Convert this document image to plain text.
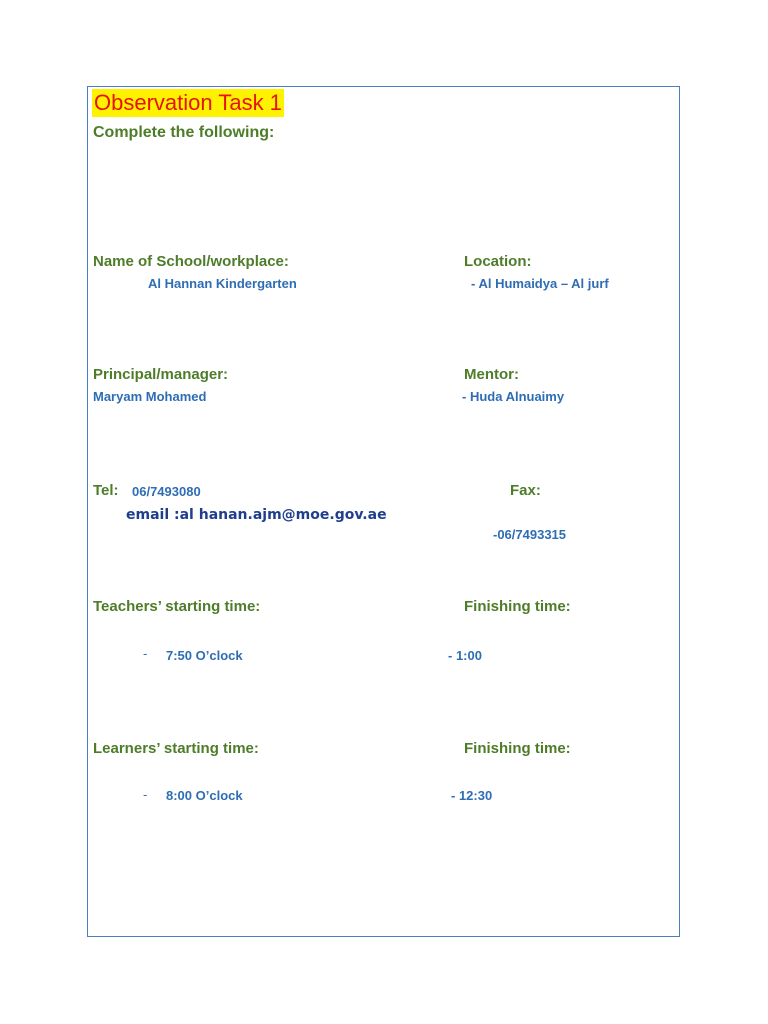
Observation Task 1
Complete the following:
Name of School/workplace:
Al Hannan Kindergarten
Location:
- Al Humaidya – Al jurf
Principal/manager:
Maryam Mohamed
Mentor:
- Huda Alnuaimy
Tel: 06/7493080
email :al hanan.ajm@moe.gov.ae
Fax:
-06/7493315
Teachers’ starting time:
- 7:50 O’clock
Finishing time:
- 1:00
Learners’ starting time:
- 8:00 O’clock
Finishing time:
- 12:30
